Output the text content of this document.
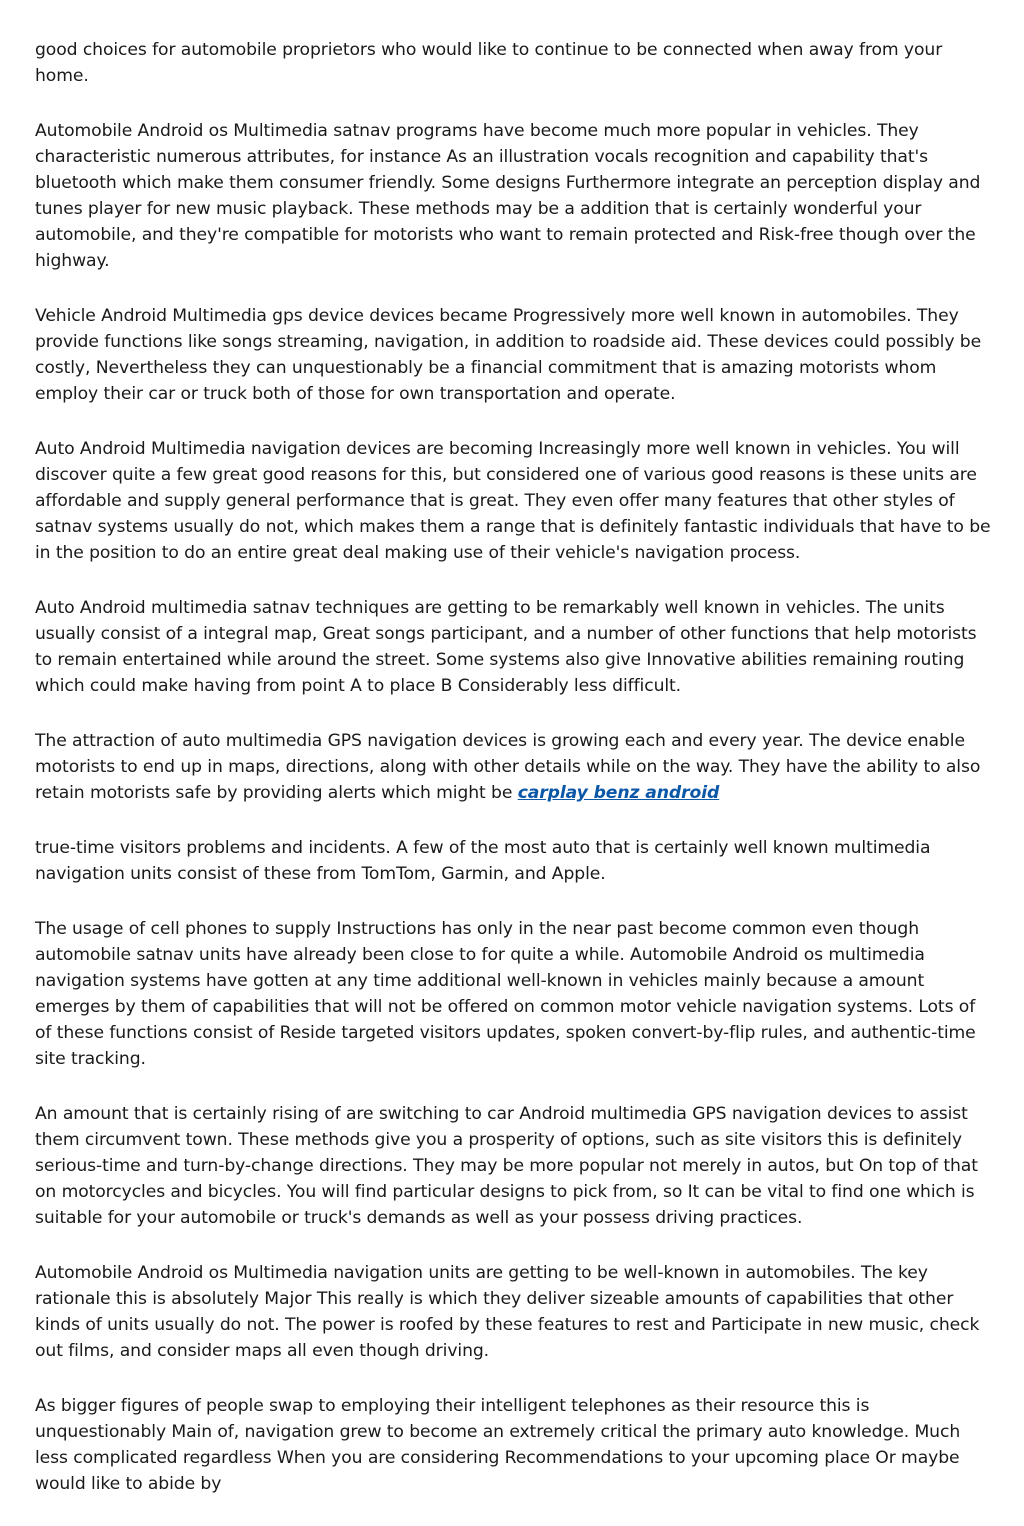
good choices for automobile proprietors who would like to continue to be connected when away from your home.

Automobile Android os Multimedia satnav programs have become much more popular in vehicles. They characteristic numerous attributes, for instance As an illustration vocals recognition and capability that's bluetooth which make them consumer friendly. Some designs Furthermore integrate an perception display and tunes player for new music playback. These methods may be a addition that is certainly wonderful your automobile, and they're compatible for motorists who want to remain protected and Risk-free though over the highway.

Vehicle Android Multimedia gps device devices became Progressively more well known in automobiles. They provide functions like songs streaming, navigation, in addition to roadside aid. These devices could possibly be costly, Nevertheless they can unquestionably be a financial commitment that is amazing motorists whom employ their car or truck both of those for own transportation and operate.

Auto Android Multimedia navigation devices are becoming Increasingly more well known in vehicles. You will discover quite a few great good reasons for this, but considered one of various good reasons is these units are affordable and supply general performance that is great. They even offer many features that other styles of satnav systems usually do not, which makes them a range that is definitely fantastic individuals that have to be in the position to do an entire great deal making use of their vehicle's navigation process.

Auto Android multimedia satnav techniques are getting to be remarkably well known in vehicles. The units usually consist of a integral map, Great songs participant, and a number of other functions that help motorists to remain entertained while around the street. Some systems also give Innovative abilities remaining routing which could make having from point A to place B Considerably less difficult.

The attraction of auto multimedia GPS navigation devices is growing each and every year. The device enable motorists to end up in maps, directions, along with other details while on the way. They have the ability to also retain motorists safe by providing alerts which might be carplay benz android

true-time visitors problems and incidents. A few of the most auto that is certainly well known multimedia navigation units consist of these from TomTom, Garmin, and Apple.

The usage of cell phones to supply Instructions has only in the near past become common even though automobile satnav units have already been close to for quite a while. Automobile Android os multimedia navigation systems have gotten at any time additional well-known in vehicles mainly because a amount emerges by them of capabilities that will not be offered on common motor vehicle navigation systems. Lots of of these functions consist of Reside targeted visitors updates, spoken convert-by-flip rules, and authentic-time site tracking.

An amount that is certainly rising of are switching to car Android multimedia GPS navigation devices to assist them circumvent town. These methods give you a prosperity of options, such as site visitors this is definitely serious-time and turn-by-change directions. They may be more popular not merely in autos, but On top of that on motorcycles and bicycles. You will find particular designs to pick from, so It can be vital to find one which is suitable for your automobile or truck's demands as well as your possess driving practices.

Automobile Android os Multimedia navigation units are getting to be well-known in automobiles. The key rationale this is absolutely Major This really is which they deliver sizeable amounts of capabilities that other kinds of units usually do not. The power is roofed by these features to rest and Participate in new music, check out films, and consider maps all even though driving.

As bigger figures of people swap to employing their intelligent telephones as their resource this is unquestionably Main of, navigation grew to become an extremely critical the primary auto knowledge. Much less complicated regardless When you are considering Recommendations to your upcoming place Or maybe would like to abide by
